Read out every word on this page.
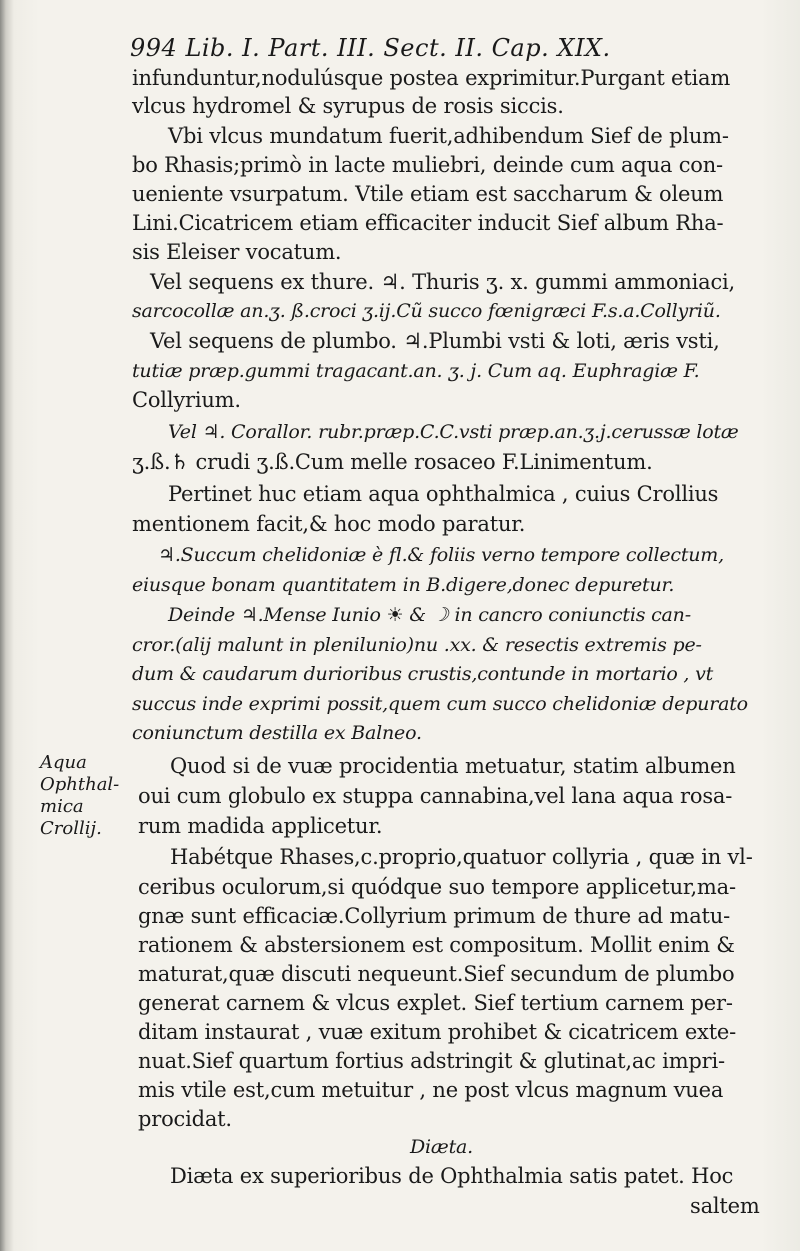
994 Lib. I. Part. III. Sect. II. Cap. XIX.
infunduntur,nodulúsque postea exprimitur.Purgant etiam
vlcus hydromel & syrupus de rosis siccis.
Vbi vlcus mundatum fuerit,adhibendum Sief de plum-
bo Rhasis;primò in lacte muliebri, deinde cum aqua con-
ueniente vsurpatum. Vtile etiam est saccharum & oleum
Lini.Cicatricem etiam efficaciter inducit Sief album Rha-
sis Eleiser vocatum.
Vel sequens ex thure. ♃. Thuris ʒ. x. gummi ammoniaci,
sarcocollæ an.ʒ. ß.croci ʒ.ij.Cũ succo fœnigræci F.s.a.Collyriũ.
Vel sequens de plumbo. ♃.Plumbi vsti & loti, æris vsti,
tutiæ præp.gummi tragacant.an. ʒ. j. Cum aq. Euphragiæ F.
Collyrium.
Vel ♃. Corallor. rubr.præp.C.C.vsti præp.an.ʒ.j.cerussæ lotæ
ʒ.ß.♄ crudi ʒ.ß.Cum melle rosaceo F.Linimentum.
Pertinet huc etiam aqua ophthalmica , cuius Crollius
mentionem facit,& hoc modo paratur.
♃.Succum chelidoniæ è fl.& foliis verno tempore collectum,
eiusque bonam quantitatem in B.digere,donec depuretur.
Deinde ♃.Mense Iunio ☀ & ☽ in cancro coniunctis can-
cror.(alij malunt in plenilunio)nu .xx. & resectis extremis pe-
dum & caudarum durioribus crustis,contunde in mortario , vt
succus inde exprimi possit,quem cum succo chelidoniæ depurato
coniunctum destilla ex Balneo.
Aqua
Ophthal-
mica
Crollij.
Quod si de vuæ procidentia metuatur, statim albumen
oui cum globulo ex stuppa cannabina,vel lana aqua rosa-
rum madida applicetur.
Habétque Rhases,c.proprio,quatuor collyria , quæ in vl-
ceribus oculorum,si quódque suo tempore applicetur,ma-
gnæ sunt efficaciæ.Collyrium primum de thure ad matu-
rationem & abstersionem est compositum. Mollit enim &
maturat,quæ discuti nequeunt.Sief secundum de plumbo
generat carnem & vlcus explet. Sief tertium carnem per-
ditam instaurat , vuæ exitum prohibet & cicatricem exte-
nuat.Sief quartum fortius adstringit & glutinat,ac impri-
mis vtile est,cum metuitur , ne post vlcus magnum vuea
procidat.
Diæta.
Diæta ex superioribus de Ophthalmia satis patet. Hoc
saltem
